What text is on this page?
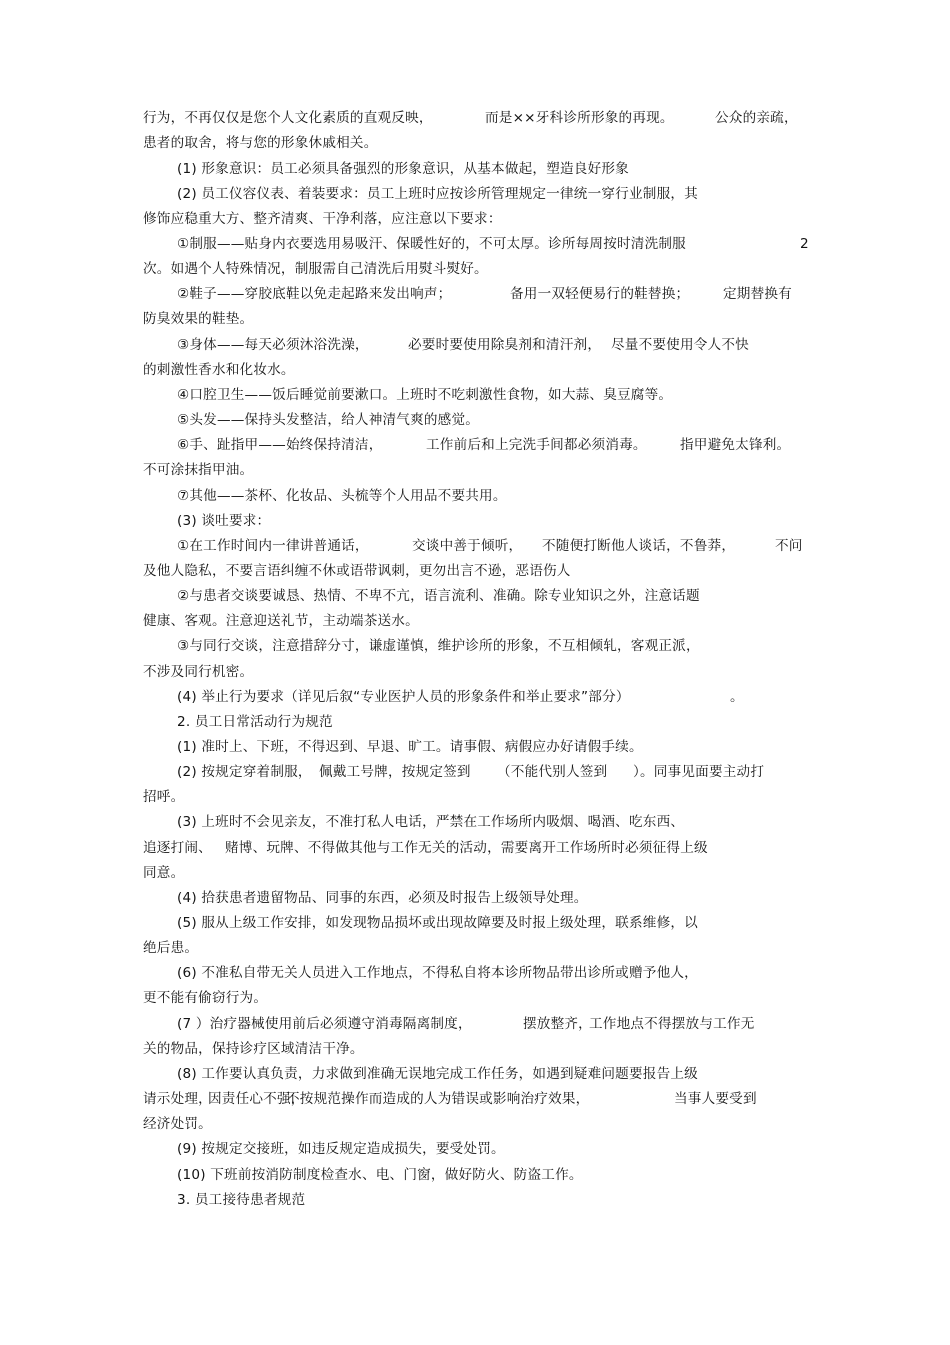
行为，不再仅仅是您个人文化素质的直观反映，	而是××牙科诊所形象的再现。	公众的亲疏，
患者的取舍，将与您的形象休戚相关。
(1) 形象意识：员工必须具备强烈的形象意识，从基本做起，塑造良好形象
(2) 员工仪容仪表、着装要求：员工上班时应按诊所管理规定一律统一穿行业制服，其
修饰应稳重大方、整齐清爽、干净利落，应注意以下要求：
①制服——贴身内衣要选用易吸汗、保暖性好的，不可太厚。诊所每周按时清洗制服	2
次。如遇个人特殊情况，制服需自己清洗后用熨斗熨好。
②鞋子——穿胶底鞋以免走起路来发出响声；	备用一双轻便易行的鞋替换； 定期替换有
防臭效果的鞋垫。
③身体——每天必须沐浴洗澡，	必要时要使用除臭剂和清汗剂， 尽量不要使用令人不快
的刺激性香水和化妆水。
④口腔卫生——饭后睡觉前要漱口。上班时不吃刺激性食物，如大蒜、臭豆腐等。
⑤头发——保持头发整洁，给人神清气爽的感觉。
⑥手、趾指甲——始终保持清洁，	工作前后和上完洗手间都必须消毒。 指甲避免太锋利。
不可涂抹指甲油。
⑦其他——茶杯、化妆品、头梳等个人用品不要共用。
(3) 谈吐要求：
①在工作时间内一律讲普通话，	交谈中善于倾听， 不随便打断他人谈话，不鲁莽，	不问
及他人隐私，不要言语纠缠不休或语带讽刺，更勿出言不逊，恶语伤人
②与患者交谈要诚恳、热情、不卑不亢，语言流利、准确。除专业知识之外，注意话题
健康、客观。注意迎送礼节，主动端茶送水。
③与同行交谈，注意措辞分寸，谦虚谨慎，维护诊所的形象，不互相倾轧，客观正派，
不涉及同行机密。
(4) 举止行为要求（详见后叙“专业医护人员的形象条件和举止要求”部分）	。
2. 员工日常活动行为规范
(1) 准时上、下班，不得迟到、早退、旷工。请事假、病假应办好请假手续。
(2) 按规定穿着制服， 佩戴工号牌，按规定签到 （不能代别人签到 ）。同事见面要主动打
招呼。
(3) 上班时不会见亲友，不准打私人电话，严禁在工作场所内吸烟、喝酒、吃东西、
追逐打闹、 赌博、玩牌、不得做其他与工作无关的活动，需要离开工作场所时必须征得上级
同意。
(4) 拾获患者遗留物品、同事的东西，必须及时报告上级领导处理。
(5) 服从上级工作安排，如发现物品损坏或出现故障要及时报上级处理，联系维修，以
绝后患。
(6) 不准私自带无关人员进入工作地点，不得私自将本诊所物品带出诊所或赠予他人，
更不能有偷窃行为。
(7 ）治疗器械使用前后必须遵守消毒隔离制度，	摆放整齐，
工作地点不得摆放与工作无
关的物品，保持诊疗区域清洁干净。
(8) 工作要认真负责，力求做到准确无误地完成工作任务，如遇到疑难问题要报告上级
请示处理，
因责任心不强，
不按规范操作而造成的人为错误或影响治疗效果，	当事人要受到
经济处罚。
(9) 按规定交接班，如违反规定造成损失，要受处罚。
(10) 下班前按消防制度检查水、电、门窗，做好防火、防盗工作。
3. 员工接待患者规范
